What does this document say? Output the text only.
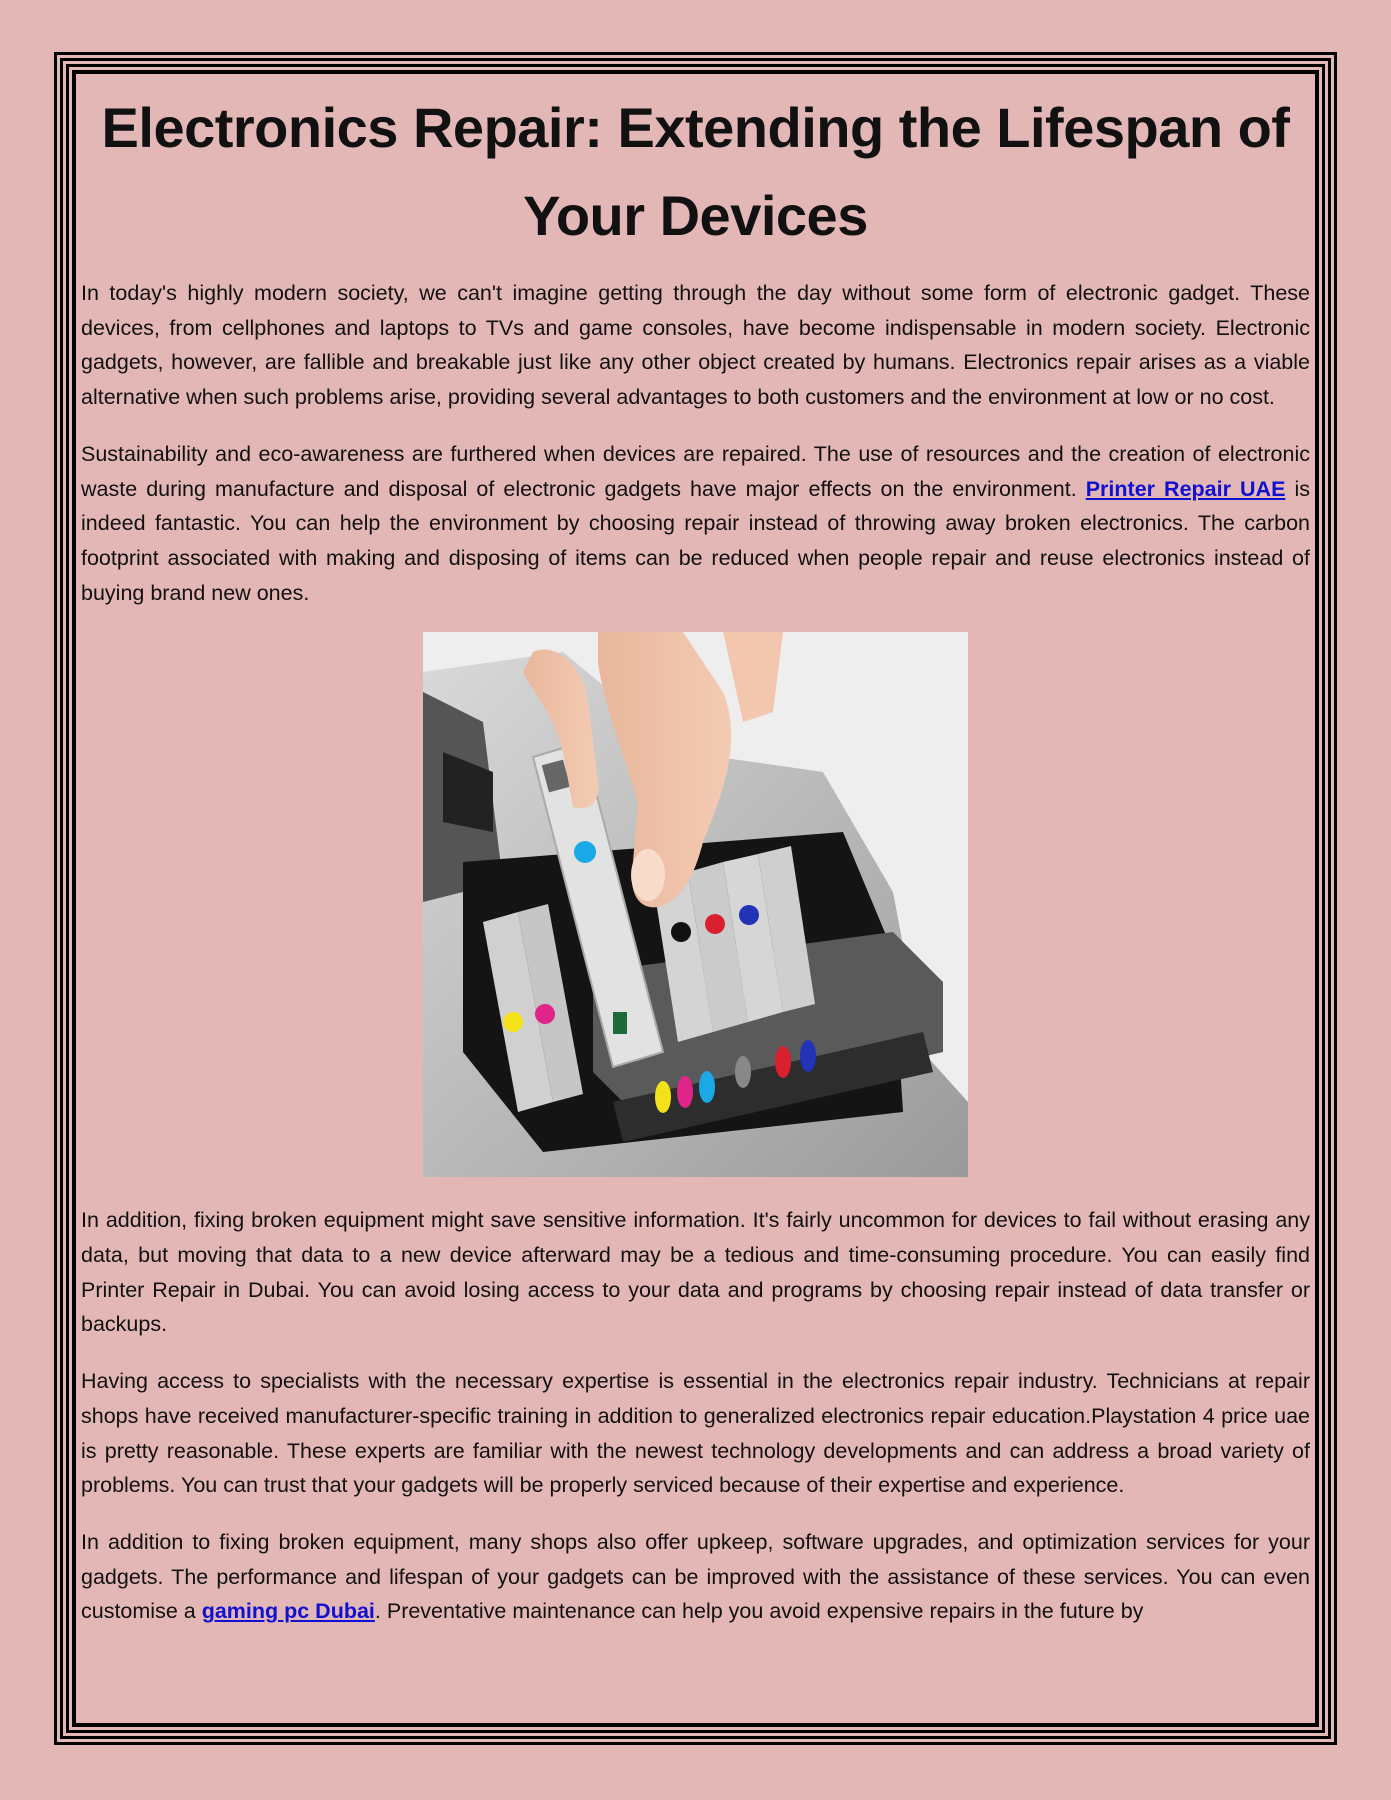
Electronics Repair: Extending the Lifespan of Your Devices

In today's highly modern society, we can't imagine getting through the day without some form of electronic gadget. These devices, from cellphones and laptops to TVs and game consoles, have become indispensable in modern society. Electronic gadgets, however, are fallible and breakable just like any other object created by humans. Electronics repair arises as a viable alternative when such problems arise, providing several advantages to both customers and the environment at low or no cost.

Sustainability and eco-awareness are furthered when devices are repaired. The use of resources and the creation of electronic waste during manufacture and disposal of electronic gadgets have major effects on the environment. Printer Repair UAE is indeed fantastic. You can help the environment by choosing repair instead of throwing away broken electronics. The carbon footprint associated with making and disposing of items can be reduced when people repair and reuse electronics instead of buying brand new ones.

In addition, fixing broken equipment might save sensitive information. It's fairly uncommon for devices to fail without erasing any data, but moving that data to a new device afterward may be a tedious and time-consuming procedure. You can easily find Printer Repair in Dubai. You can avoid losing access to your data and programs by choosing repair instead of data transfer or backups.

Having access to specialists with the necessary expertise is essential in the electronics repair industry. Technicians at repair shops have received manufacturer-specific training in addition to generalized electronics repair education.Playstation 4 price uae is pretty reasonable. These experts are familiar with the newest technology developments and can address a broad variety of problems. You can trust that your gadgets will be properly serviced because of their expertise and experience.

In addition to fixing broken equipment, many shops also offer upkeep, software upgrades, and optimization services for your gadgets. The performance and lifespan of your gadgets can be improved with the assistance of these services. You can even customise a gaming pc Dubai. Preventative maintenance can help you avoid expensive repairs in the future by
